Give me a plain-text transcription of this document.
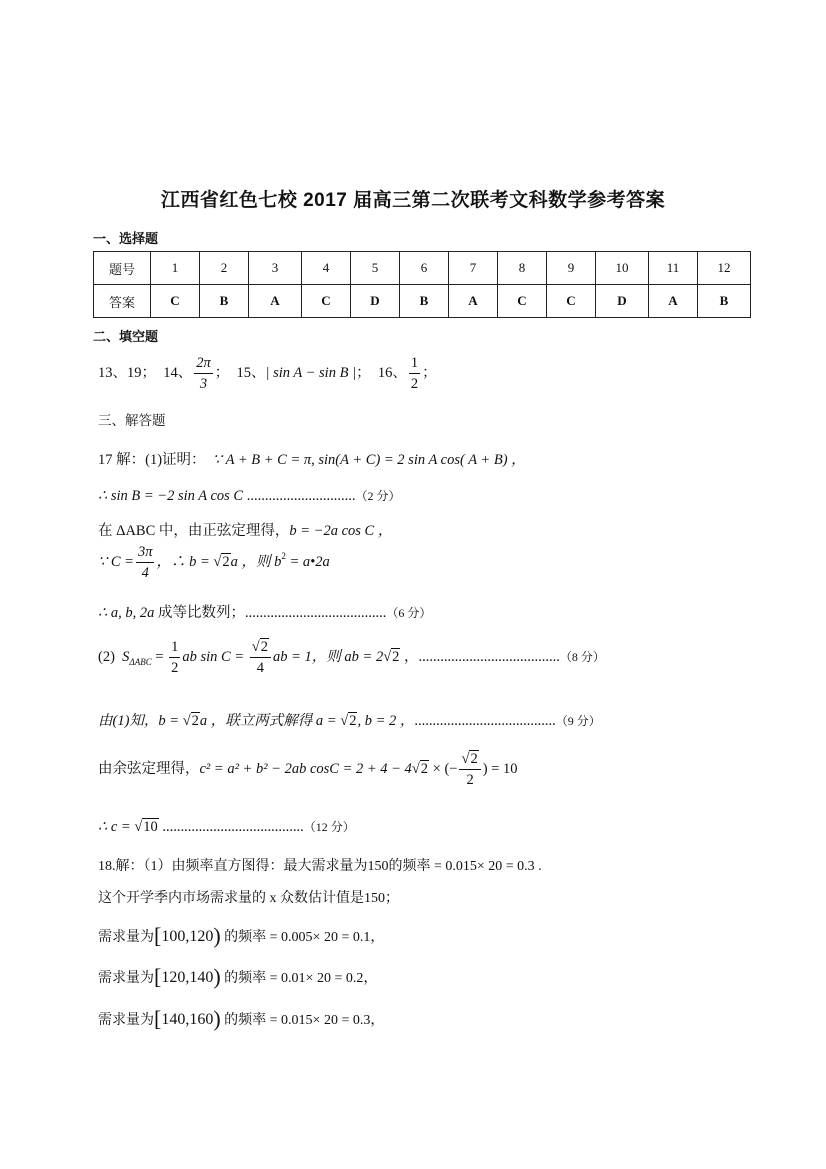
江西省红色七校 2017 届高三第二次联考文科数学参考答案
一、选择题
题号	1	2	3	4	5	6	7	8	9	10	11	12
答案	C	B	A	C	D	B	A	C	C	D	A	B
二、填空题
13、19； 14、 $\frac{2\pi}{3}$ ； 15、| sin A − sin B |； 16、 $\frac{1}{2}$ ；
三、解答题
17 解：(1)证明： ∵ A + B + C = π, sin(A + C) = 2 sin A cos( A + B) ，
∴ sin B = −2 sin A cos C ..............................（2 分）
在 ΔABC 中，由正弦定理得，b = −2a cos C ，
∵ $C = \frac{3\pi}{4}$ ，∴ b = √2a ，则 $b^2$ = a•2a
∴ a, b, 2a 成等比数列；.......................................（6 分）
(2) $S_{\Delta ABC} = \frac{1}{2}$ ab $\sin C = \frac{√2}{4}$ ab = 1，则 ab = 2√2 ，.......................................（8 分）
由(1)知，b = √2a ，联立两式解得 a = √2, b = 2 ，.......................................（9 分）
由余弦定理得，c² = a² + b² − 2ab cosC = 2 + 4 − 4√2 × (− $\frac{√2}{2}$ ) = 10
∴ c = √10 .......................................（12 分）
18.解：（1）由频率直方图得：最大需求量为150的频率 = 0.015× 20 = 0.3 .
这个开学季内市场需求量的 x 众数估计值是150；
需求量为[100,120) 的频率 = 0.005× 20 = 0.1，
需求量为[120,140) 的频率 = 0.01× 20 = 0.2，
需求量为[140,160) 的频率 = 0.015× 20 = 0.3，
